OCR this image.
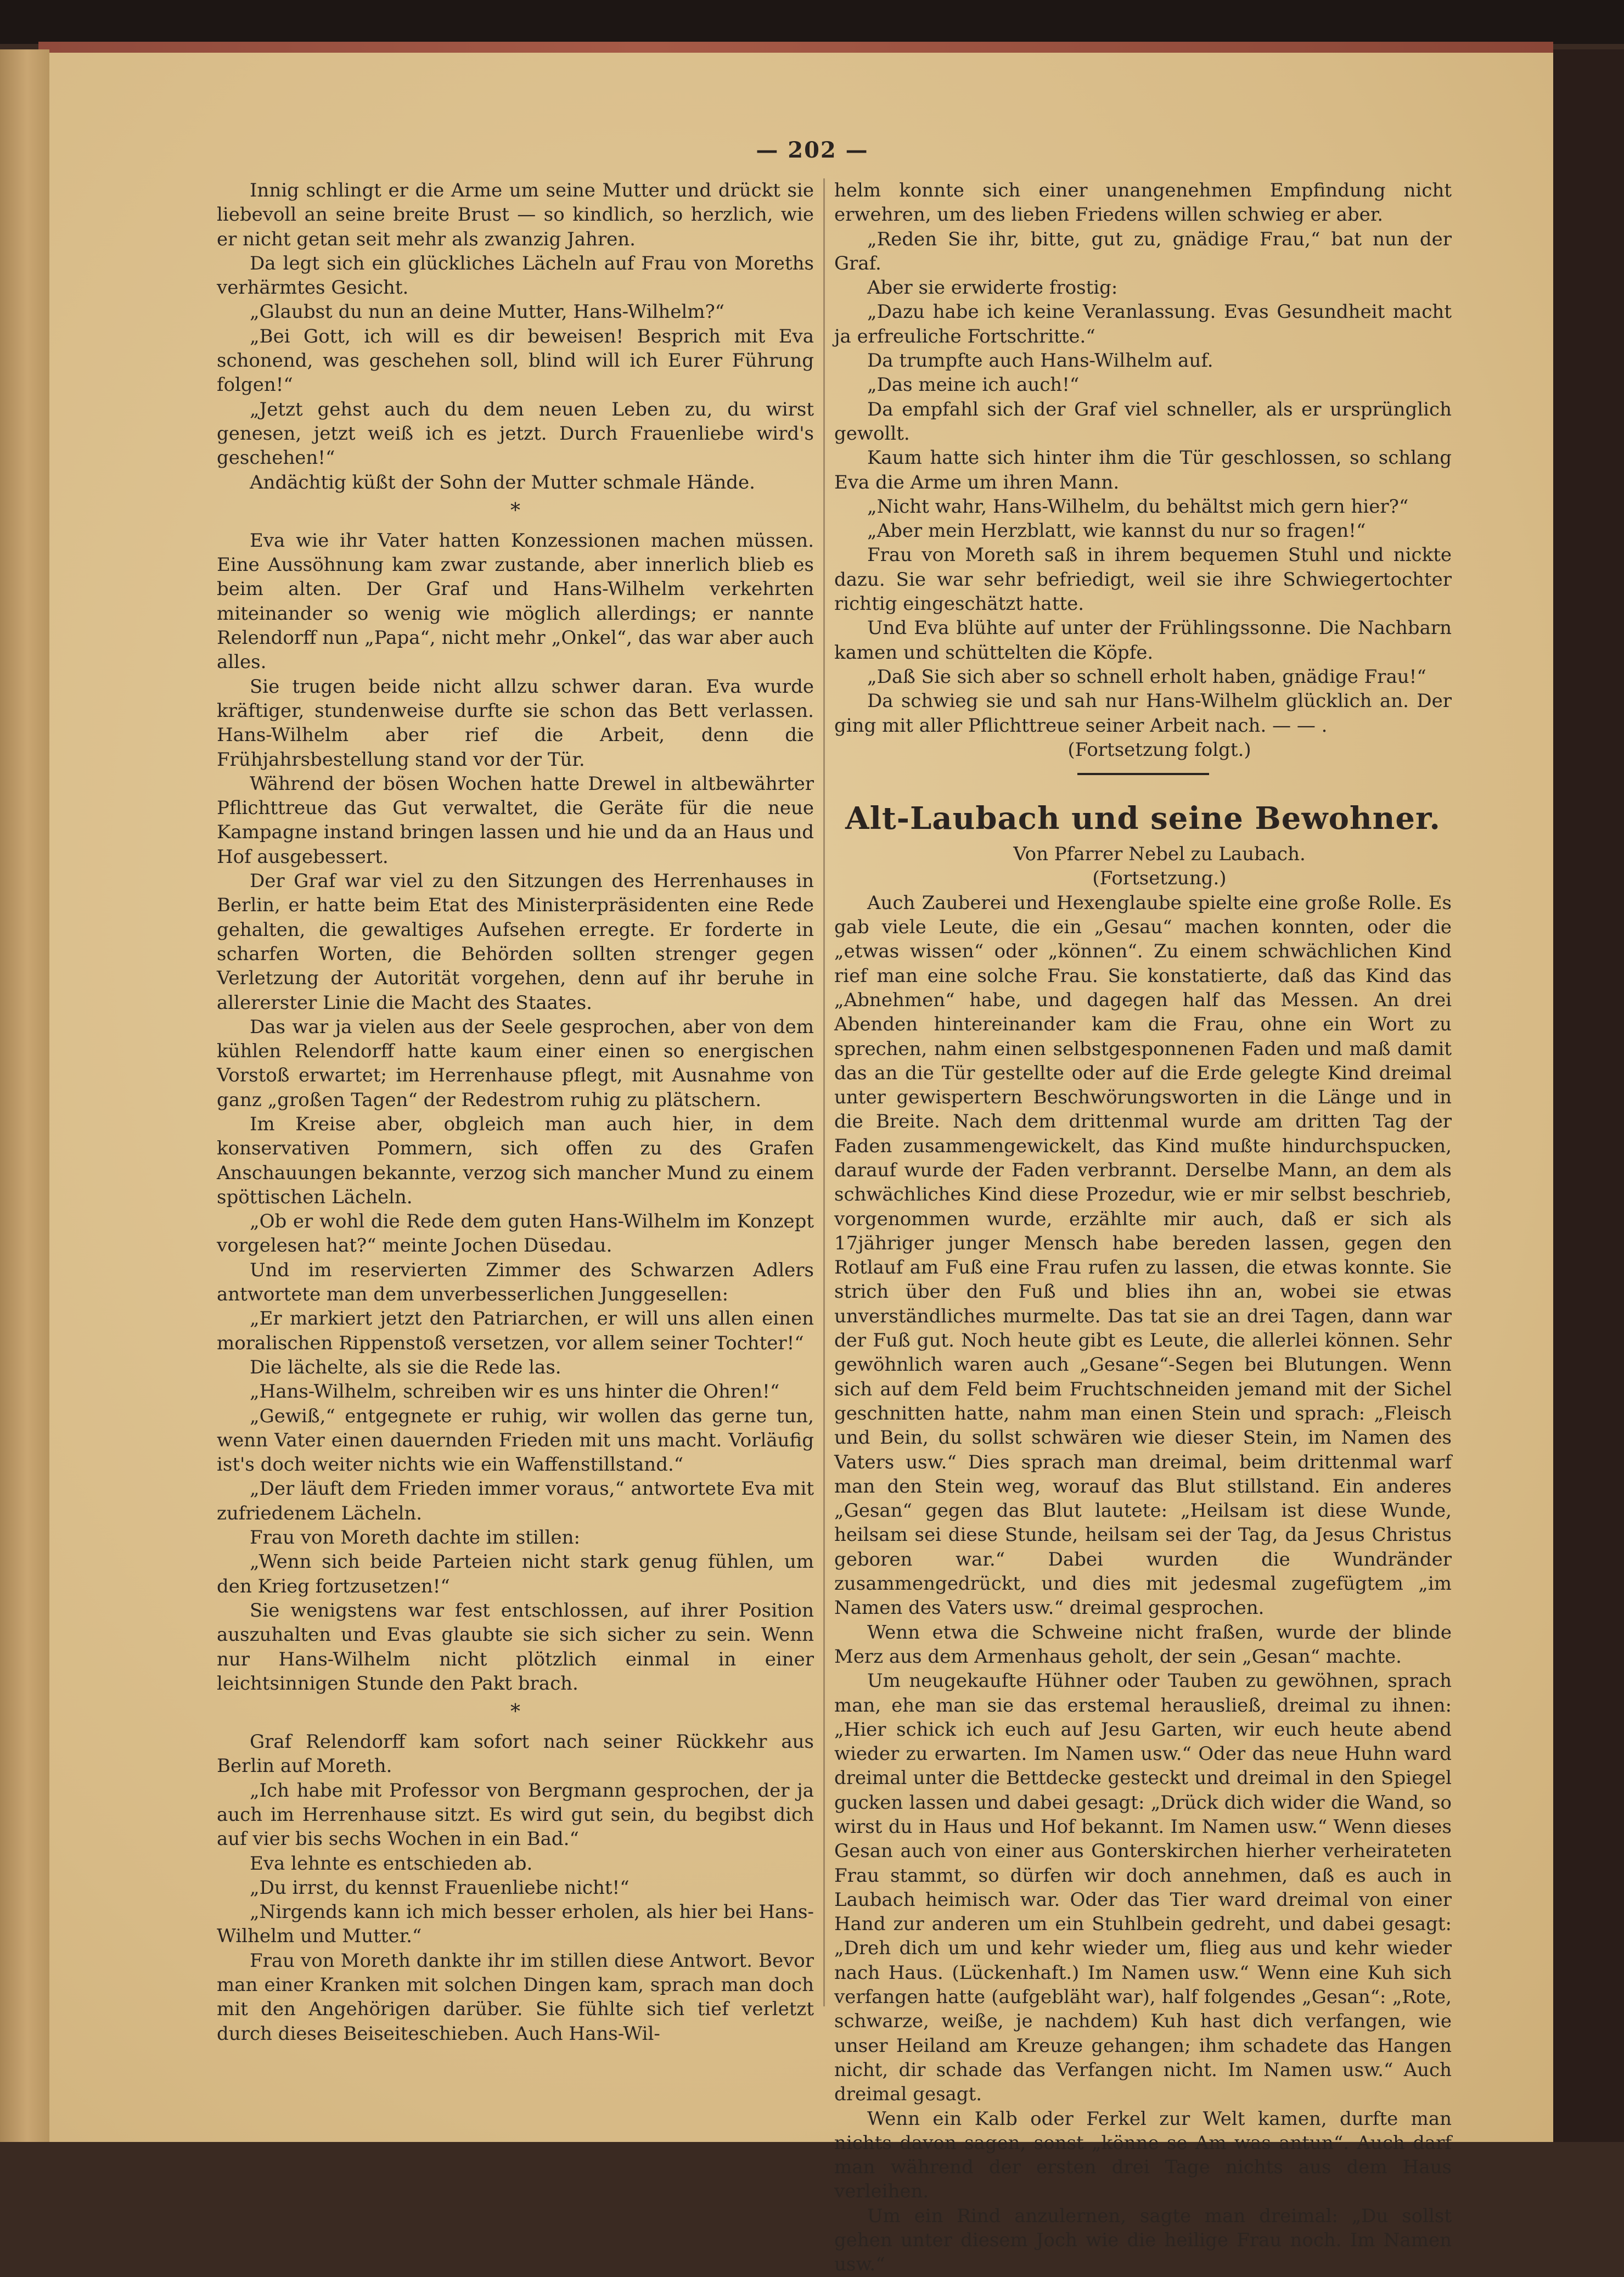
— 202 —

Innig schlingt er die Arme um seine Mutter und drückt sie liebevoll an seine breite Brust — so kindlich, so herzlich, wie er nicht getan seit mehr als zwanzig Jahren.

Da legt sich ein glückliches Lächeln auf Frau von Moreths verhärmtes Gesicht.

„Glaubst du nun an deine Mutter, Hans-Wilhelm?“

„Bei Gott, ich will es dir beweisen! Besprich mit Eva schonend, was geschehen soll, blind will ich Eurer Führung folgen!“

„Jetzt gehst auch du dem neuen Leben zu, du wirst genesen, jetzt weiß ich es jetzt. Durch Frauenliebe wird's geschehen!“

Andächtig küßt der Sohn der Mutter schmale Hände.

*

Eva wie ihr Vater hatten Konzessionen machen müssen. Eine Aussöhnung kam zwar zustande, aber innerlich blieb es beim alten. Der Graf und Hans-Wilhelm verkehrten miteinander so wenig wie möglich allerdings; er nannte Relendorff nun „Papa“, nicht mehr „Onkel“, das war aber auch alles.

Sie trugen beide nicht allzu schwer daran. Eva wurde kräftiger, stundenweise durfte sie schon das Bett verlassen. Hans-Wilhelm aber rief die Arbeit, denn die Frühjahrsbestellung stand vor der Tür.

Während der bösen Wochen hatte Drewel in altbewährter Pflichttreue das Gut verwaltet, die Geräte für die neue Kampagne instand bringen lassen und hie und da an Haus und Hof ausgebessert.

Der Graf war viel zu den Sitzungen des Herrenhauses in Berlin, er hatte beim Etat des Ministerpräsidenten eine Rede gehalten, die gewaltiges Aufsehen erregte. Er forderte in scharfen Worten, die Behörden sollten strenger gegen Verletzung der Autorität vorgehen, denn auf ihr beruhe in allererster Linie die Macht des Staates.

Das war ja vielen aus der Seele gesprochen, aber von dem kühlen Relendorff hatte kaum einer einen so energischen Vorstoß erwartet; im Herrenhause pflegt, mit Ausnahme von ganz „großen Tagen“ der Redestrom ruhig zu plätschern.

Im Kreise aber, obgleich man auch hier, in dem konservativen Pommern, sich offen zu des Grafen Anschauungen bekannte, verzog sich mancher Mund zu einem spöttischen Lächeln.

„Ob er wohl die Rede dem guten Hans-Wilhelm im Konzept vorgelesen hat?“ meinte Jochen Düsedau.

Und im reservierten Zimmer des Schwarzen Adlers antwortete man dem unverbesserlichen Junggesellen:

„Er markiert jetzt den Patriarchen, er will uns allen einen moralischen Rippenstoß versetzen, vor allem seiner Tochter!“

Die lächelte, als sie die Rede las.

„Hans-Wilhelm, schreiben wir es uns hinter die Ohren!“

„Gewiß,“ entgegnete er ruhig, wir wollen das gerne tun, wenn Vater einen dauernden Frieden mit uns macht. Vorläufig ist's doch weiter nichts wie ein Waffenstillstand.“

„Der läuft dem Frieden immer voraus,“ antwortete Eva mit zufriedenem Lächeln.

Frau von Moreth dachte im stillen:

„Wenn sich beide Parteien nicht stark genug fühlen, um den Krieg fortzusetzen!“

Sie wenigstens war fest entschlossen, auf ihrer Position auszuhalten und Evas glaubte sie sich sicher zu sein. Wenn nur Hans-Wilhelm nicht plötzlich einmal in einer leichtsinnigen Stunde den Pakt brach.

*

Graf Relendorff kam sofort nach seiner Rückkehr aus Berlin auf Moreth.

„Ich habe mit Professor von Bergmann gesprochen, der ja auch im Herrenhause sitzt. Es wird gut sein, du begibst dich auf vier bis sechs Wochen in ein Bad.“

Eva lehnte es entschieden ab.

„Du irrst, du kennst Frauenliebe nicht!“

„Nirgends kann ich mich besser erholen, als hier bei Hans-Wilhelm und Mutter.“

Frau von Moreth dankte ihr im stillen diese Antwort. Bevor man einer Kranken mit solchen Dingen kam, sprach man doch mit den Angehörigen darüber. Sie fühlte sich tief verletzt durch dieses Beiseiteschieben. Auch Hans-Wil-

helm konnte sich einer unangenehmen Empfindung nicht erwehren, um des lieben Friedens willen schwieg er aber.

„Reden Sie ihr, bitte, gut zu, gnädige Frau,“ bat nun der Graf.

Aber sie erwiderte frostig:

„Dazu habe ich keine Veranlassung. Evas Gesundheit macht ja erfreuliche Fortschritte.“

Da trumpfte auch Hans-Wilhelm auf.

„Das meine ich auch!“

Da empfahl sich der Graf viel schneller, als er ursprünglich gewollt.

Kaum hatte sich hinter ihm die Tür geschlossen, so schlang Eva die Arme um ihren Mann.

„Nicht wahr, Hans-Wilhelm, du behältst mich gern hier?“

„Aber mein Herzblatt, wie kannst du nur so fragen!“

Frau von Moreth saß in ihrem bequemen Stuhl und nickte dazu. Sie war sehr befriedigt, weil sie ihre Schwiegertochter richtig eingeschätzt hatte.

Und Eva blühte auf unter der Frühlingssonne. Die Nachbarn kamen und schüttelten die Köpfe.

„Daß Sie sich aber so schnell erholt haben, gnädige Frau!“

Da schwieg sie und sah nur Hans-Wilhelm glücklich an. Der ging mit aller Pflichttreue seiner Arbeit nach. — — .

(Fortsetzung folgt.)

Alt-Laubach und seine Bewohner.

Von Pfarrer Nebel zu Laubach.

(Fortsetzung.)

Auch Zauberei und Hexenglaube spielte eine große Rolle. Es gab viele Leute, die ein „Gesau“ machen konnten, oder die „etwas wissen“ oder „können“. Zu einem schwächlichen Kind rief man eine solche Frau. Sie konstatierte, daß das Kind das „Abnehmen“ habe, und dagegen half das Messen. An drei Abenden hintereinander kam die Frau, ohne ein Wort zu sprechen, nahm einen selbstgesponnenen Faden und maß damit das an die Tür gestellte oder auf die Erde gelegte Kind dreimal unter gewispertern Beschwörungsworten in die Länge und in die Breite. Nach dem drittenmal wurde am dritten Tag der Faden zusammengewickelt, das Kind mußte hindurchspucken, darauf wurde der Faden verbrannt. Derselbe Mann, an dem als schwächliches Kind diese Prozedur, wie er mir selbst beschrieb, vorgenommen wurde, erzählte mir auch, daß er sich als 17jähriger junger Mensch habe bereden lassen, gegen den Rotlauf am Fuß eine Frau rufen zu lassen, die etwas konnte. Sie strich über den Fuß und blies ihn an, wobei sie etwas unverständliches murmelte. Das tat sie an drei Tagen, dann war der Fuß gut. Noch heute gibt es Leute, die allerlei können. Sehr gewöhnlich waren auch „Gesane“-Segen bei Blutungen. Wenn sich auf dem Feld beim Fruchtschneiden jemand mit der Sichel geschnitten hatte, nahm man einen Stein und sprach: „Fleisch und Bein, du sollst schwären wie dieser Stein, im Namen des Vaters usw.“ Dies sprach man dreimal, beim drittenmal warf man den Stein weg, worauf das Blut stillstand. Ein anderes „Gesan“ gegen das Blut lautete: „Heilsam ist diese Wunde, heilsam sei diese Stunde, heilsam sei der Tag, da Jesus Christus geboren war.“ Dabei wurden die Wundränder zusammengedrückt, und dies mit jedesmal zugefügtem „im Namen des Vaters usw.“ dreimal gesprochen.

Wenn etwa die Schweine nicht fraßen, wurde der blinde Merz aus dem Armenhaus geholt, der sein „Gesan“ machte.

Um neugekaufte Hühner oder Tauben zu gewöhnen, sprach man, ehe man sie das erstemal herausließ, dreimal zu ihnen: „Hier schick ich euch auf Jesu Garten, wir euch heute abend wieder zu erwarten. Im Namen usw.“ Oder das neue Huhn ward dreimal unter die Bettdecke gesteckt und dreimal in den Spiegel gucken lassen und dabei gesagt: „Drück dich wider die Wand, so wirst du in Haus und Hof bekannt. Im Namen usw.“ Wenn dieses Gesan auch von einer aus Gonterskirchen hierher verheirateten Frau stammt, so dürfen wir doch annehmen, daß es auch in Laubach heimisch war. Oder das Tier ward dreimal von einer Hand zur anderen um ein Stuhlbein gedreht, und dabei gesagt: „Dreh dich um und kehr wieder um, flieg aus und kehr wieder nach Haus. (Lückenhaft.) Im Namen usw.“ Wenn eine Kuh sich verfangen hatte (aufgebläht war), half folgendes „Gesan“: „Rote, schwarze, weiße, je nachdem) Kuh hast dich verfangen, wie unser Heiland am Kreuze gehangen; ihm schadete das Hangen nicht, dir schade das Verfangen nicht. Im Namen usw.“ Auch dreimal gesagt.

Wenn ein Kalb oder Ferkel zur Welt kamen, durfte man nichts davon sagen, sonst „könne se Am was antun“. Auch darf man während der ersten drei Tage nichts aus dem Haus verleihen.

Um ein Rind anzulernen, sagte man dreimal: „Du sollst gehen unter diesem Joch wie die heilige Frau noch. Im Namen usw.“
